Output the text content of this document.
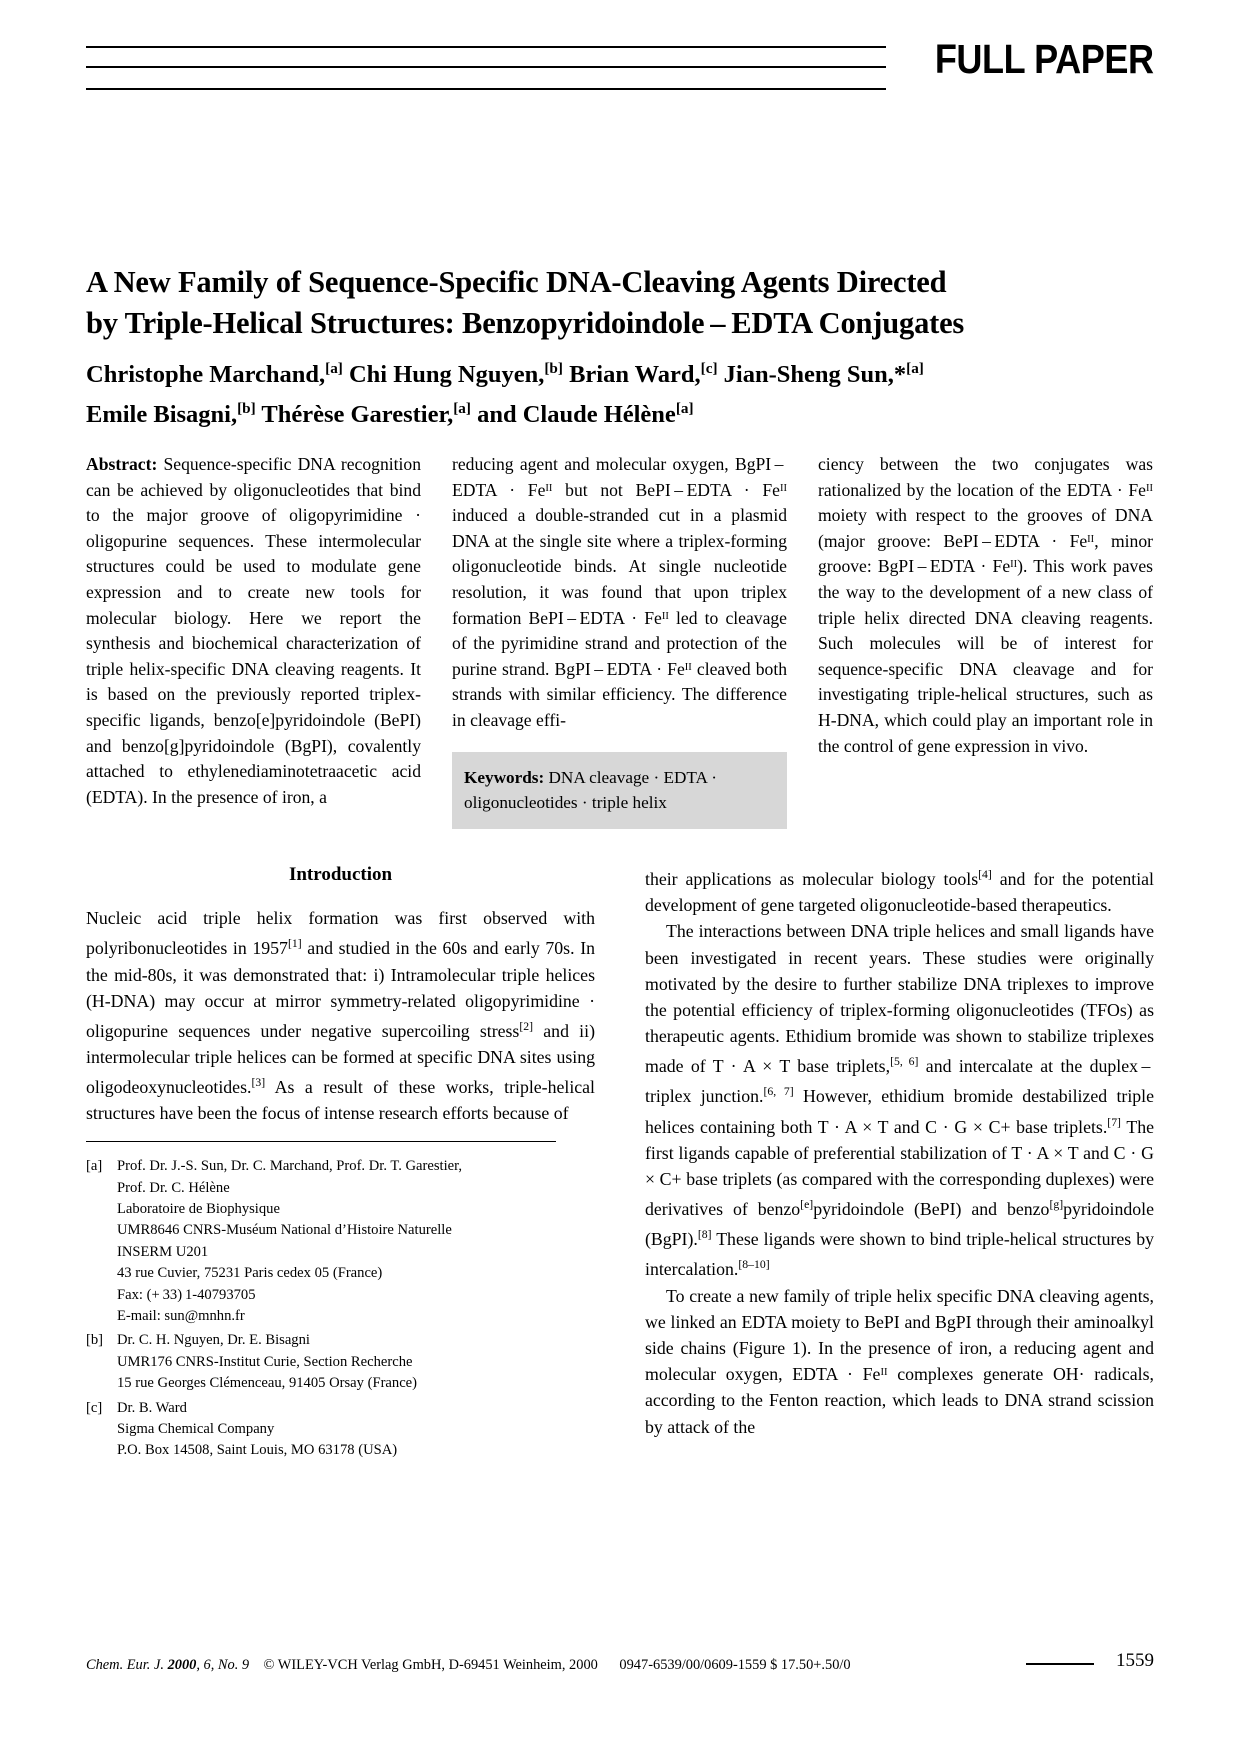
FULL PAPER
A New Family of Sequence-Specific DNA-Cleaving Agents Directed
by Triple-Helical Structures: Benzopyridoindole – EDTA Conjugates
Christophe Marchand,[a] Chi Hung Nguyen,[b] Brian Ward,[c] Jian-Sheng Sun,*[a]
Emile Bisagni,[b] Thérèse Garestier,[a] and Claude Hélène[a]
Abstract: Sequence-specific DNA recognition can be achieved by oligonucleotides that bind to the major groove of oligopyrimidine · oligopurine sequences. These intermolecular structures could be used to modulate gene expression and to create new tools for molecular biology. Here we report the synthesis and biochemical characterization of triple helix-specific DNA cleaving reagents. It is based on the previously reported triplex-specific ligands, benzo[e]pyridoindole (BePI) and benzo[g]pyridoindole (BgPI), covalently attached to ethylenediaminotetraacetic acid (EDTA). In the presence of iron, a
reducing agent and molecular oxygen, BgPI – EDTA · Feᴵᴵ but not BePI – EDTA · Feᴵᴵ induced a double-stranded cut in a plasmid DNA at the single site where a triplex-forming oligonucleotide binds. At single nucleotide resolution, it was found that upon triplex formation BePI – EDTA · Feᴵᴵ led to cleavage of the pyrimidine strand and protection of the purine strand. BgPI – EDTA · Feᴵᴵ cleaved both strands with similar efficiency. The difference in cleavage effi-
Keywords: DNA cleavage · EDTA · oligonucleotides · triple helix
ciency between the two conjugates was rationalized by the location of the EDTA · Feᴵᴵ moiety with respect to the grooves of DNA (major groove: BePI – EDTA · Feᴵᴵ, minor groove: BgPI – EDTA · Feᴵᴵ). This work paves the way to the development of a new class of triple helix directed DNA cleaving reagents. Such molecules will be of interest for sequence-specific DNA cleavage and for investigating triple-helical structures, such as H-DNA, which could play an important role in the control of gene expression in vivo.
Introduction

Nucleic acid triple helix formation was first observed with polyribonucleotides in 1957[1] and studied in the 60s and early 70s. In the mid-80s, it was demonstrated that: i) Intramolecular triple helices (H-DNA) may occur at mirror symmetry-related oligopyrimidine · oligopurine sequences under negative supercoiling stress[2] and ii) intermolecular triple helices can be formed at specific DNA sites using oligodeoxynucleotides.[3] As a result of these works, triple-helical structures have been the focus of intense research efforts because of

[a]	Prof. Dr. J.-S. Sun, Dr. C. Marchand, Prof. Dr. T. Garestier,
Prof. Dr. C. Hélène
Laboratoire de Biophysique
UMR8646 CNRS-Muséum National d’Histoire Naturelle
INSERM U201
43 rue Cuvier, 75231 Paris cedex 05 (France)
Fax: (+ 33) 1-40793705
E-mail: sun@mnhn.fr
[b] Dr. C. H. Nguyen, Dr. E. Bisagni
UMR176 CNRS-Institut Curie, Section Recherche
15 rue Georges Clémenceau, 91405 Orsay (France)
[c]	Dr. B. Ward
Sigma Chemical Company
P.O. Box 14508, Saint Louis, MO 63178 (USA)

their applications as molecular biology tools[4] and for the potential development of gene targeted oligonucleotide-based therapeutics.

The interactions between DNA triple helices and small ligands have been investigated in recent years. These studies were originally motivated by the desire to further stabilize DNA triplexes to improve the potential efficiency of triplex-forming oligonucleotides (TFOs) as therapeutic agents. Ethidium bromide was shown to stabilize triplexes made of T · A × T base triplets,[5, 6] and intercalate at the duplex – triplex junction.[6, 7] However, ethidium bromide destabilized triple helices containing both T · A × T and C · G × C+ base triplets.[7] The first ligands capable of preferential stabilization of T · A × T and C · G × C+ base triplets (as compared with the corresponding duplexes) were derivatives of benzo[e]pyridoindole (BePI) and benzo[g]pyridoindole (BgPI).[8] These ligands were shown to bind triple-helical structures by intercalation.[8–10]

To create a new family of triple helix specific DNA cleaving agents, we linked an EDTA moiety to BePI and BgPI through their aminoalkyl side chains (Figure 1). In the presence of iron, a reducing agent and molecular oxygen, EDTA · Feᴵᴵ complexes generate OH· radicals, according to the Fenton reaction, which leads to DNA strand scission by attack of the

Chem. Eur. J. 2000, 6, No. 9    © WILEY-VCH Verlag GmbH, D-69451 Weinheim, 2000      0947-6539/00/0609-1559 $ 17.50+.50/0	1559
